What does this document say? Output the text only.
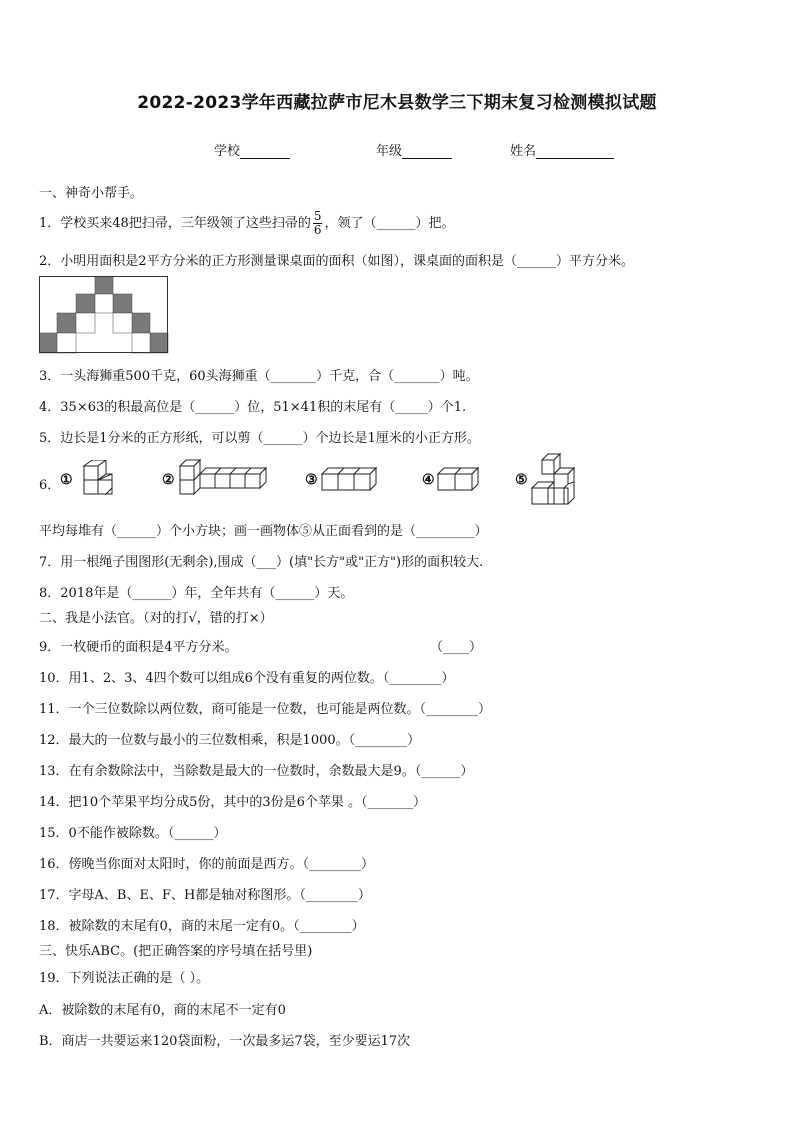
2022-2023学年西藏拉萨市尼木县数学三下期末复习检测模拟试题
学校	年级	姓名
一、神奇小帮手。
1．学校买来48把扫帚，三年级领了这些扫帚的 $\frac{5}{6}$ ，领了（______）把。
2．小明用面积是2平方分米的正方形测量课桌面的面积（如图），课桌面的面积是（______）平方分米。
3．一头海狮重500千克，60头海狮重（_______）千克，合（_______）吨。
4．35×63的积最高位是（______）位，51×41积的末尾有（_____）个1.
5．边长是1分米的正方形纸，可以剪（______）个边长是1厘米的小正方形。
6． ①	②	③	④	⑤
平均每堆有（______）个小方块；画一画物体⑤从正面看到的是（_________）
7．用一根绳子围图形(无剩余),围成（___）(填"长方"或"正方")形的面积较大.
8．2018年是（______）年，全年共有（______）天。
二、我是小法官。（对的打√，错的打×）
9．一枚硬币的面积是4平方分米。	（____）
10．用1、2、3、4四个数可以组成6个没有重复的两位数。（________）
11．一个三位数除以两位数，商可能是一位数，也可能是两位数。（________）
12．最大的一位数与最小的三位数相乘，积是1000。（________）
13．在有余数除法中，当除数是最大的一位数时，余数最大是9。（______）
14．把10个苹果平均分成5份，其中的3份是6个苹果 。（_______）
15．0不能作被除数。（______）
16．傍晚当你面对太阳时，你的前面是西方。（________）
17．字母A、B、E、F、H都是轴对称图形。（________）
18．被除数的末尾有0，商的末尾一定有0。（________）
三、快乐ABC。(把正确答案的序号填在括号里)
19．下列说法正确的是（ ）。
A．被除数的末尾有0，商的末尾不一定有0
B．商店一共要运来120袋面粉，一次最多运7袋，至少要运17次
